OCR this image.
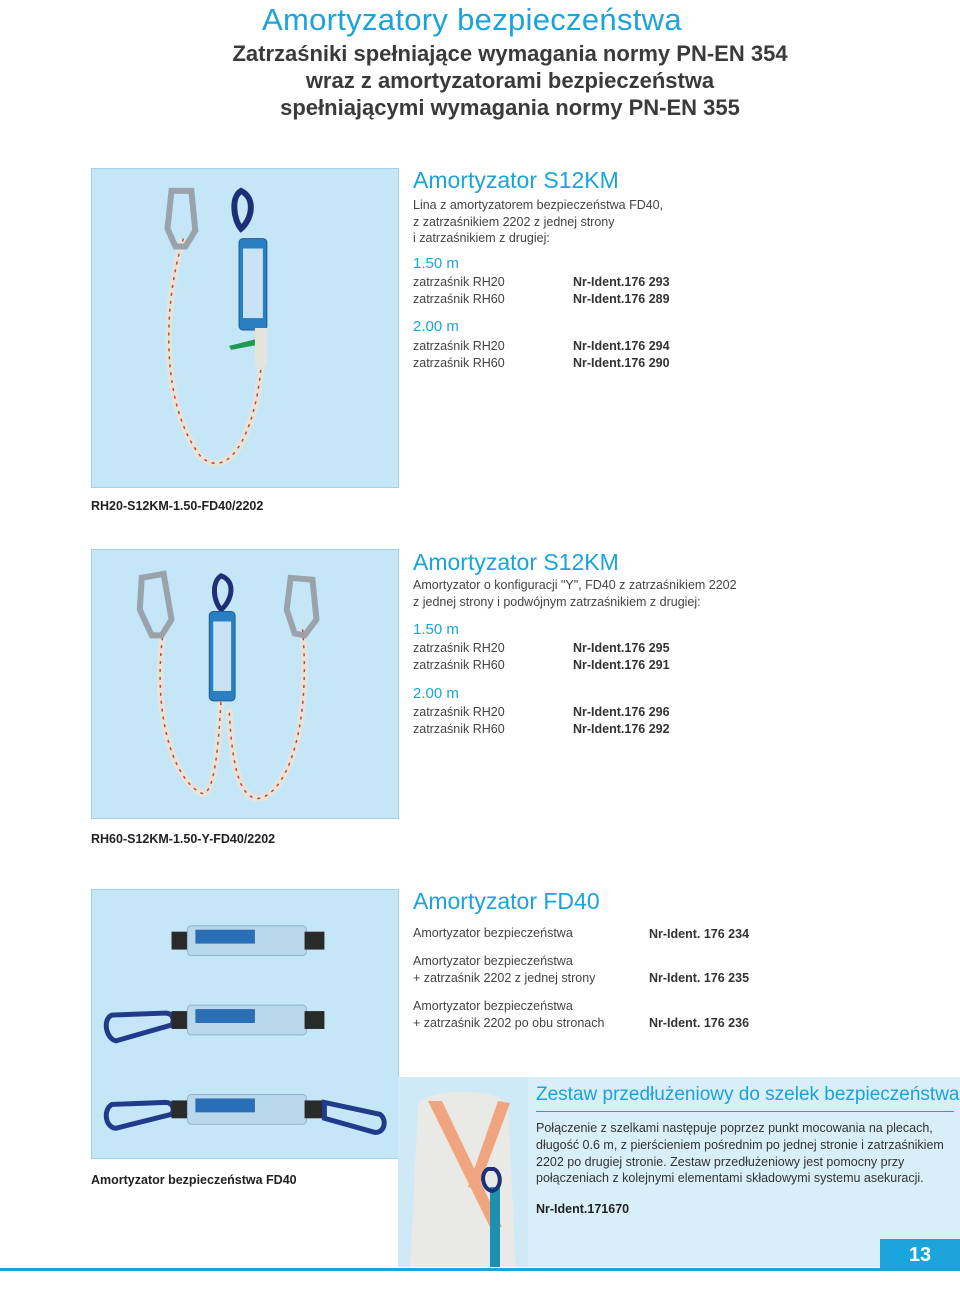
Amortyzatory bezpieczeństwa
Zatrzaśniki spełniające wymagania normy PN-EN 354
wraz z amortyzatorami bezpieczeństwa
spełniającymi wymagania normy PN-EN 355
Amortyzator S12KM
Lina z amortyzatorem bezpieczeństwa FD40,
z zatrzaśnikiem 2202 z jednej strony
i zatrzaśnikiem z drugiej:
1.50 m
zatrzaśnik RH20	Nr-Ident.176 293
zatrzaśnik RH60	Nr-Ident.176 289
2.00 m
zatrzaśnik RH20	Nr-Ident.176 294
zatrzaśnik RH60	Nr-Ident.176 290
RH20-S12KM-1.50-FD40/2202
Amortyzator S12KM
Amortyzator o konfiguracji "Y", FD40 z zatrzaśnikiem 2202
z jednej strony i podwójnym zatrzaśnikiem z drugiej:
1.50 m
zatrzaśnik RH20	Nr-Ident.176 295
zatrzaśnik RH60	Nr-Ident.176 291
2.00 m
zatrzaśnik RH20	Nr-Ident.176 296
zatrzaśnik RH60	Nr-Ident.176 292
RH60-S12KM-1.50-Y-FD40/2202
Amortyzator FD40
Amortyzator bezpieczeństwa	Nr-Ident. 176 234
Amortyzator bezpieczeństwa
+ zatrzaśnik 2202 z jednej strony	Nr-Ident. 176 235
Amortyzator bezpieczeństwa
+ zatrzaśnik 2202 po obu stronach	Nr-Ident. 176 236
Amortyzator bezpieczeństwa FD40
Zestaw przedłużeniowy do szelek bezpieczeństwa
Połączenie z szelkami następuje poprzez punkt mocowania na plecach,
długość 0.6 m, z pierścieniem pośrednim po jednej stronie i zatrzaśnikiem
2202 po drugiej stronie. Zestaw przedłużeniowy jest pomocny przy
połączeniach z kolejnymi elementami składowymi systemu asekuracji.
Nr-Ident.171670
13
